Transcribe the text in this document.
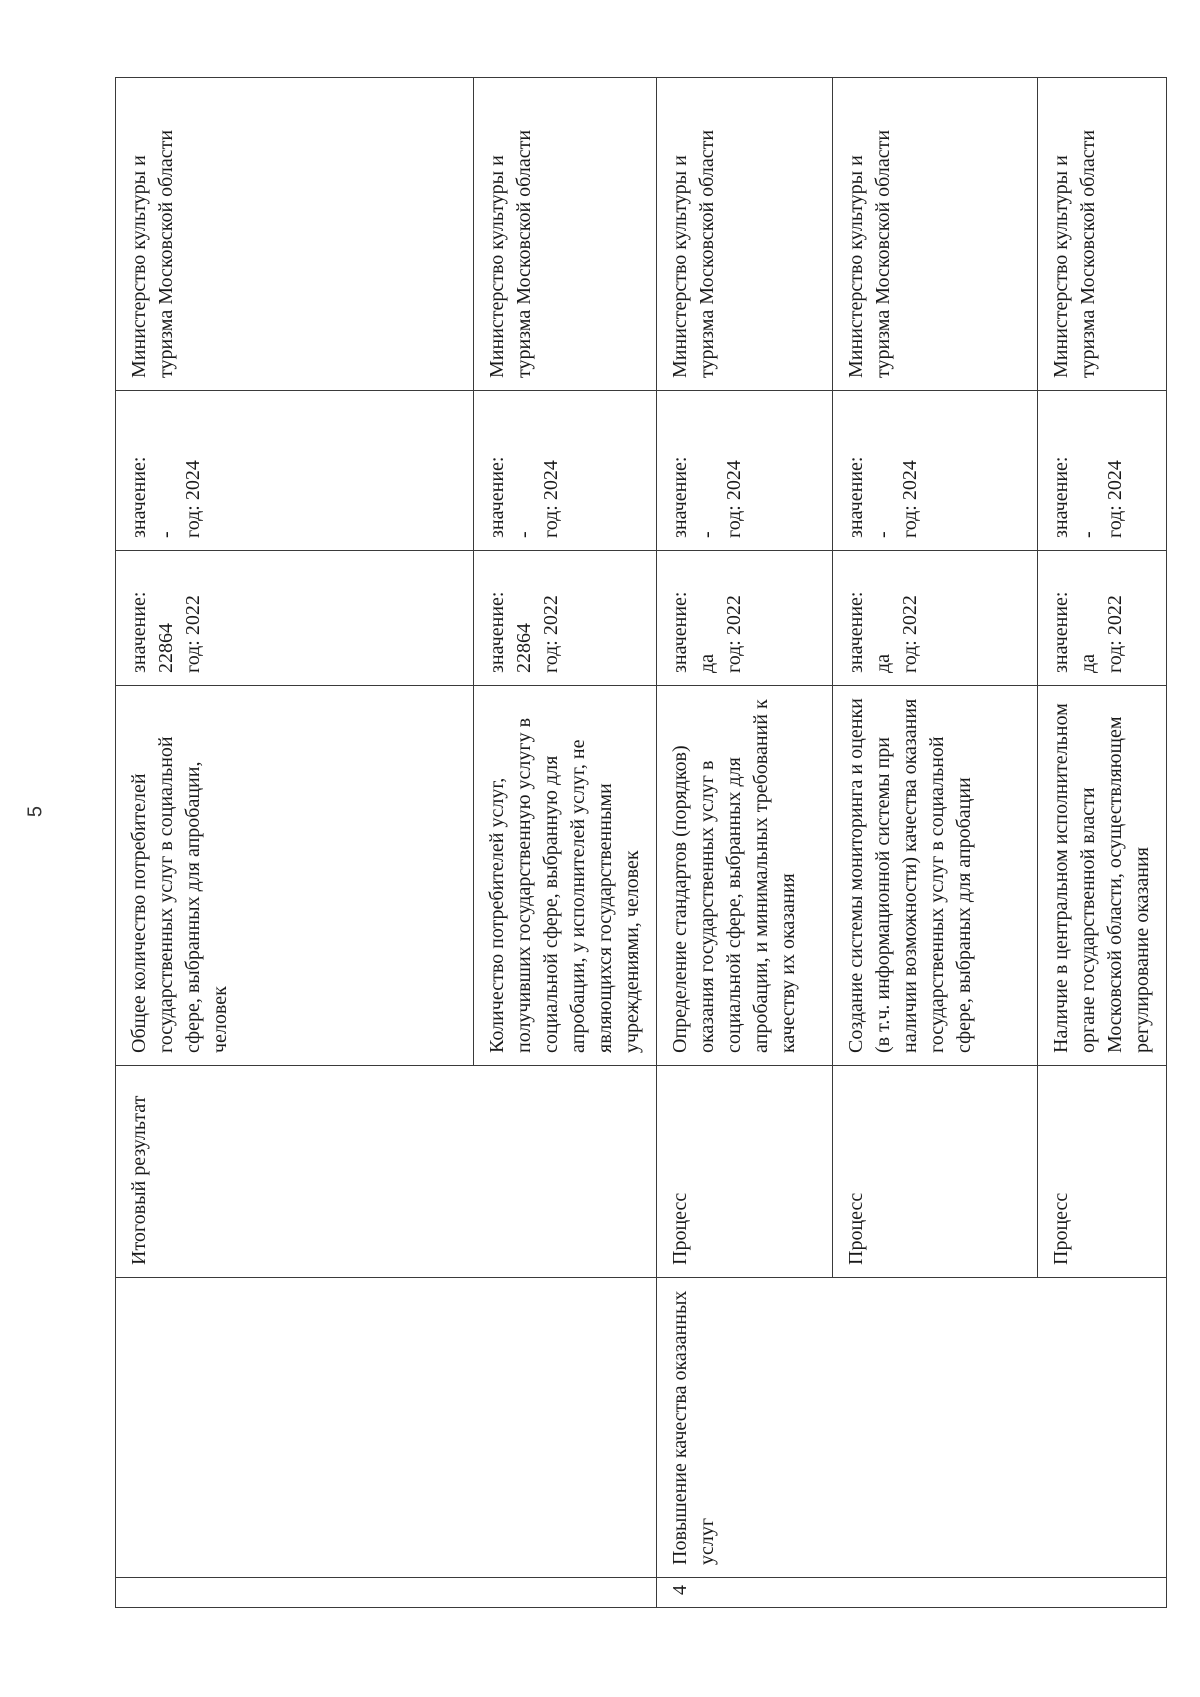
5
		Итоговый результат	Общее количество потребителей государственных услуг в социальной сфере, выбранных для апробации, человек	значение:
22864
год: 2022	значение:
-
год: 2024	Министерство культуры и туризма Московской области
			Количество потребителей услуг, получивших государственную услугу в социальной сфере, выбранную для апробации, у исполнителей услуг, не являющихся государственными учреждениями, человек	значение:
22864
год: 2022	значение:
-
год: 2024	Министерство культуры и туризма Московской области
4	Повышение качества оказанных услуг	Процесс	Определение стандартов (порядков) оказания государственных услуг в социальной сфере, выбранных для апробации, и минимальных требований к качеству их оказания	значение:
да
год: 2022	значение:
-
год: 2024	Министерство культуры и туризма Московской области
		Процесс	Создание системы мониторинга и оценки (в т.ч. информационной системы при наличии возможности) качества оказания государственных услуг в социальной сфере, выбраных для апробации	значение:
да
год: 2022	значение:
-
год: 2024	Министерство культуры и туризма Московской области
		Процесс	Наличие в центральном исполнительном органе государственной власти Московской области, осуществляющем регулирование оказания	значение:
да
год: 2022	значение:
-
год: 2024	Министерство культуры и туризма Московской области
